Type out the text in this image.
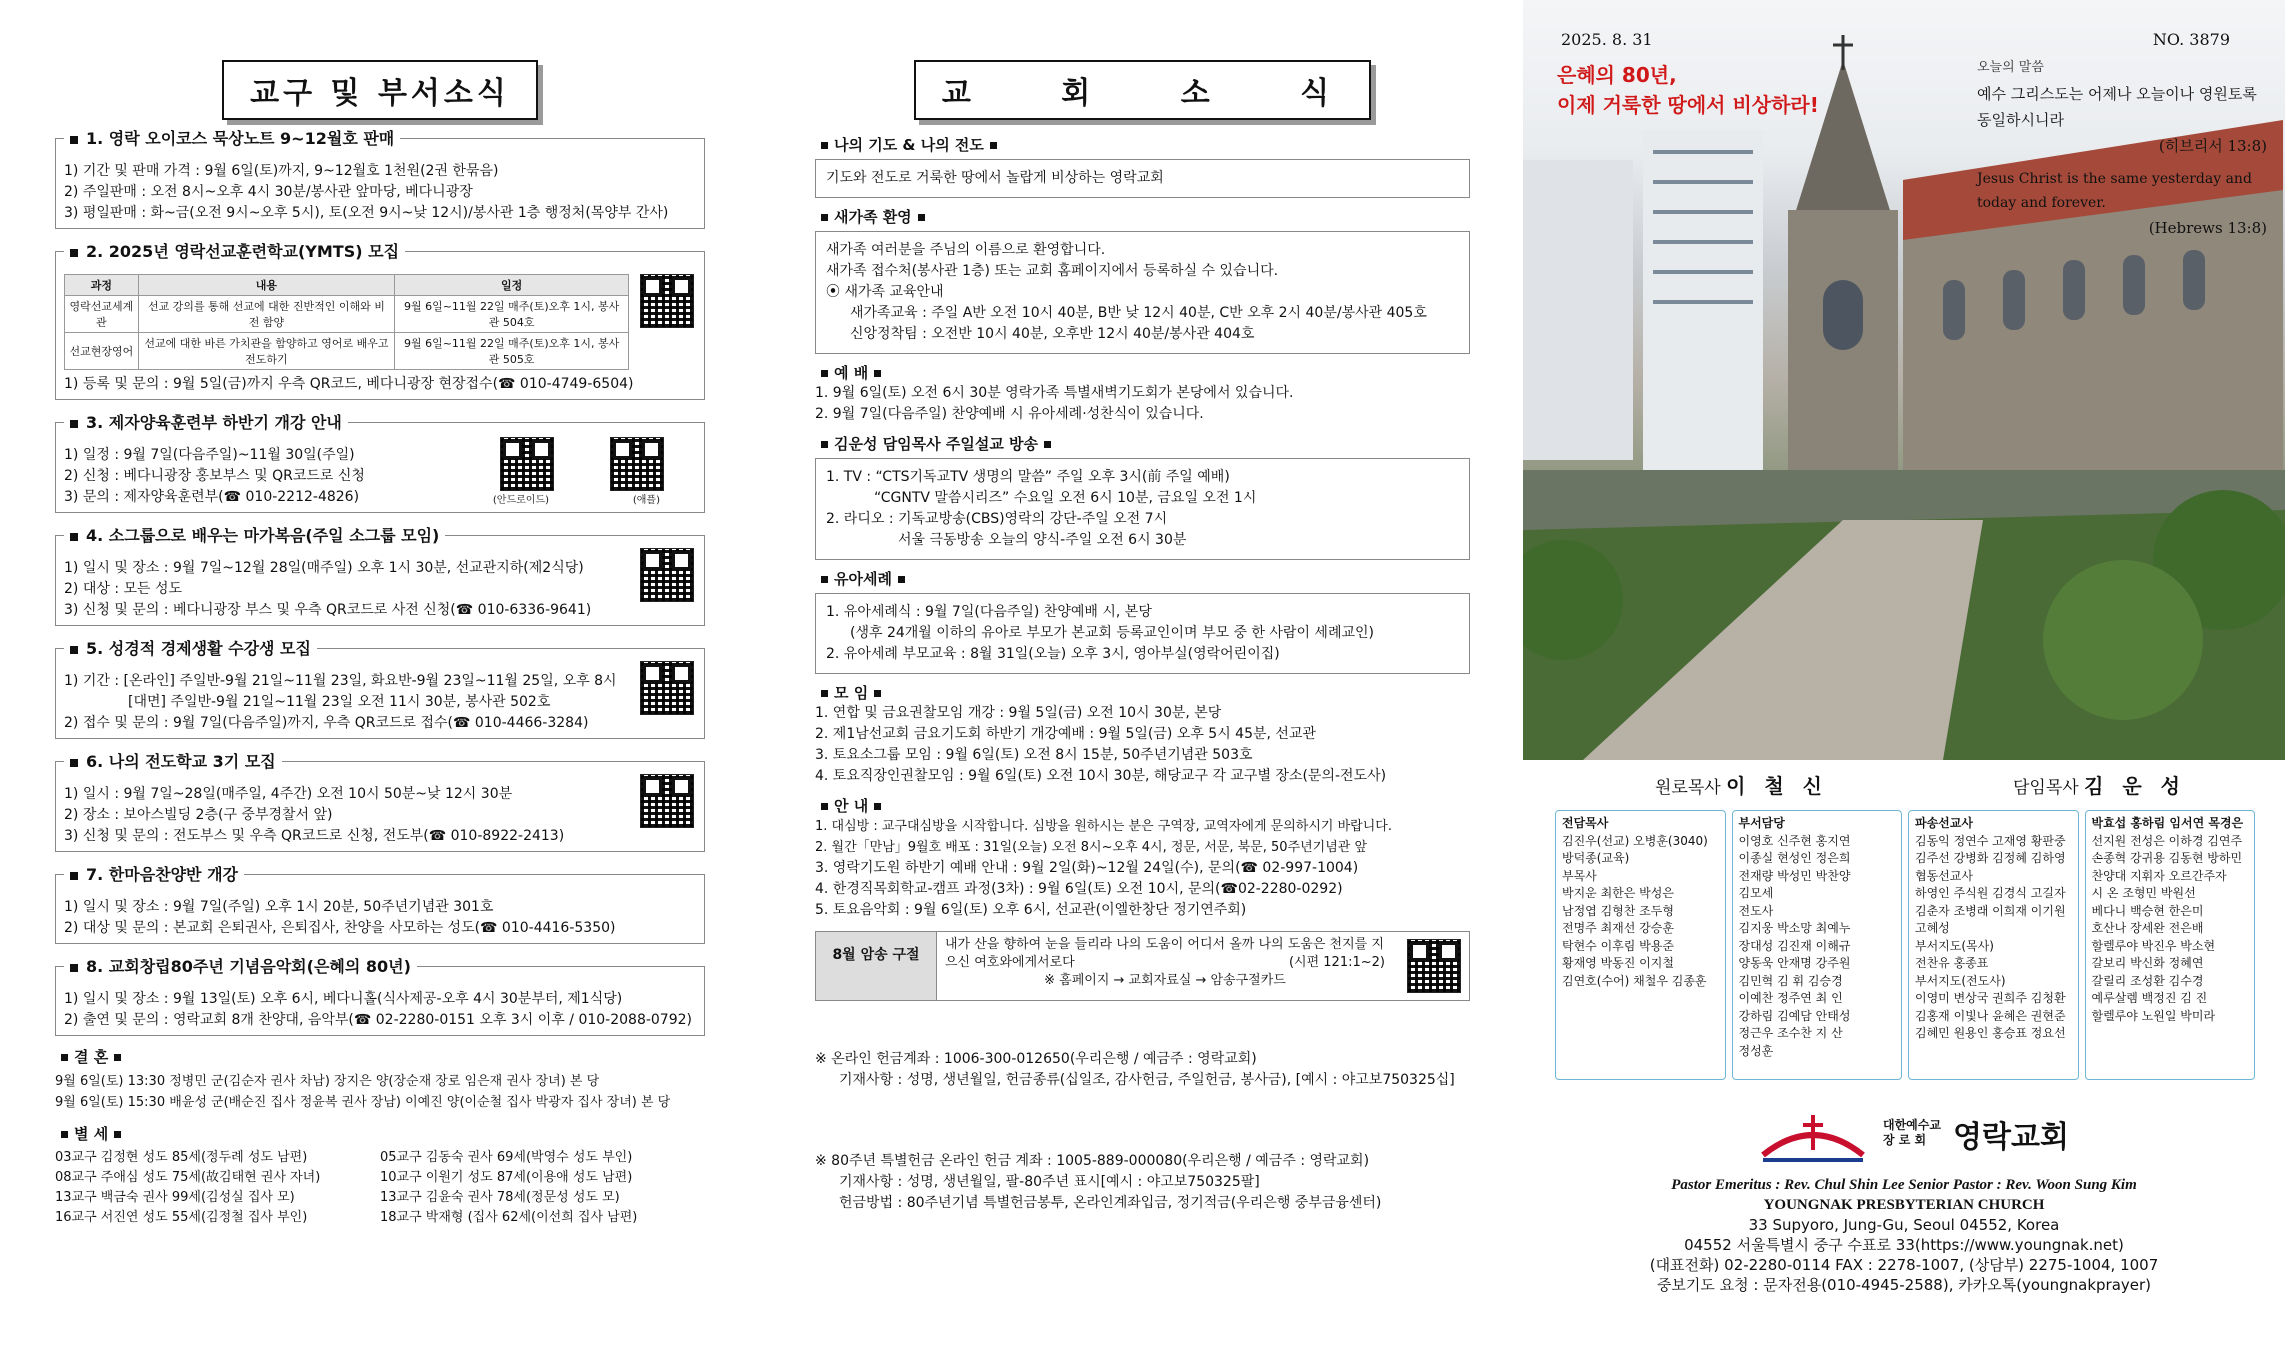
교구 및 부서소식
1. 영락 오이코스 묵상노트 9~12월호 판매
1) 기간 및 판매 가격 : 9월 6일(토)까지, 9~12월호 1천원(2권 한묶음)
2) 주일판매 : 오전 8시~오후 4시 30분/봉사관 앞마당, 베다니광장
3) 평일판매 : 화~금(오전 9시~오후 5시), 토(오전 9시~낮 12시)/봉사관 1층 행정처(목양부 간사)
2. 2025년 영락선교훈련학교(YMTS) 모집
과정	내용	일정
영락선교세계관	선교 강의를 통해 선교에 대한 진반적인 이해와 비전 함양	9월 6일~11월 22일 매주(토)오후 1시, 봉사관 504호
선교현장영어	선교에 대한 바른 가치관을 함양하고 영어로 배우고 전도하기	9월 6일~11월 22일 매주(토)오후 1시, 봉사관 505호
1) 등록 및 문의 : 9월 5일(금)까지 우측 QR코드, 베다니광장 현장접수(☎ 010-4749-6504)
3. 제자양육훈련부 하반기 개강 안내
1) 일정 : 9월 7일(다음주일)~11월 30일(주일)
2) 신청 : 베다니광장 홍보부스 및 QR코드로 신청
3) 문의 : 제자양육훈련부(☎ 010-2212-4826)	(안드로이드)	(애플)
4. 소그룹으로 배우는 마가복음(주일 소그룹 모임)
1) 일시 및 장소 : 9월 7일~12월 28일(매주일) 오후 1시 30분, 선교관지하(제2식당)
2) 대상 : 모든 성도
3) 신청 및 문의 : 베다니광장 부스 및 우측 QR코드로 사전 신청(☎ 010-6336-9641)
5. 성경적 경제생활 수강생 모집
1) 기간 : [온라인] 주일반-9월 21일~11월 23일, 화요반-9월 23일~11월 25일, 오후 8시
[대면] 주일반-9월 21일~11월 23일 오전 11시 30분, 봉사관 502호
2) 접수 및 문의 : 9월 7일(다음주일)까지, 우측 QR코드로 접수(☎ 010-4466-3284)
6. 나의 전도학교 3기 모집
1) 일시 : 9월 7일~28일(매주일, 4주간) 오전 10시 50분~낮 12시 30분
2) 장소 : 보아스빌딩 2층(구 중부경찰서 앞)
3) 신청 및 문의 : 전도부스 및 우측 QR코드로 신청, 전도부(☎ 010-8922-2413)
7. 한마음찬양반 개강
1) 일시 및 장소 : 9월 7일(주일) 오후 1시 20분, 50주년기념관 301호
2) 대상 및 문의 : 본교회 은퇴권사, 은퇴집사, 찬양을 사모하는 성도(☎ 010-4416-5350)
8. 교회창립80주년 기념음악회(은혜의 80년)
1) 일시 및 장소 : 9월 13일(토) 오후 6시, 베다니홀(식사제공-오후 4시 30분부터, 제1식당)
2) 출연 및 문의 : 영락교회 8개 찬양대, 음악부(☎ 02-2280-0151 오후 3시 이후 / 010-2088-0792)
결 혼
9월 6일(토) 13:30 정병민 군(김순자 권사 차남) 장지은 양(장순재 장로 임은재 권사 장녀) 본 당
9월 6일(토) 15:30 배윤성 군(배순진 집사 정윤복 권사 장남) 이예진 양(이순철 집사 박광자 집사 장녀) 본 당
별 세
03교구 김정현 성도 85세(정두례 성도 남편)
08교구 주애심 성도 75세(故김태현 권사 자녀)
13교구 백금숙 권사 99세(김성실 집사 모)
16교구 서진연 성도 55세(김정철 집사 부인)
05교구 김동숙 권사 69세(박영수 성도 부인)
10교구 이원기 성도 87세(이용애 성도 남편)
13교구 김윤숙 권사 78세(정문성 성도 모)
18교구 박재형 (집사 62세(이선희 집사 남편)
교 회 소 식
나의 기도 & 나의 전도
기도와 전도로 거룩한 땅에서 놀랍게 비상하는 영락교회
새가족 환영
새가족 여러분을 주님의 이름으로 환영합니다.
새가족 접수처(봉사관 1층) 또는 교회 홈페이지에서 등록하실 수 있습니다.
⦿ 새가족 교육안내
새가족교육 : 주일 A반 오전 10시 40분, B반 낮 12시 40분, C반 오후 2시 40분/봉사관 405호
신앙정착팀 : 오전반 10시 40분, 오후반 12시 40분/봉사관 404호
예 배
1. 9월 6일(토) 오전 6시 30분 영락가족 특별새벽기도회가 본당에서 있습니다.
2. 9월 7일(다음주일) 찬양예배 시 유아세례·성찬식이 있습니다.
김운성 담임목사 주일설교 방송
1. TV : “CTS기독교TV 생명의 말씀” 주일 오후 3시(前 주일 예배)
“CGNTV 말씀시리즈” 수요일 오전 6시 10분, 금요일 오전 1시
2. 라디오 : 기독교방송(CBS)영락의 강단-주일 오전 7시
서울 극동방송 오늘의 양식-주일 오전 6시 30분
유아세례
1. 유아세례식 : 9월 7일(다음주일) 찬양예배 시, 본당
(생후 24개월 이하의 유아로 부모가 본교회 등록교인이며 부모 중 한 사람이 세례교인)
2. 유아세례 부모교육 : 8월 31일(오늘) 오후 3시, 영아부실(영락어린이집)
모 임
1. 연합 및 금요권찰모임 개강 : 9월 5일(금) 오전 10시 30분, 본당
2. 제1남선교회 금요기도회 하반기 개강예배 : 9월 5일(금) 오후 5시 45분, 선교관
3. 토요소그룹 모임 : 9월 6일(토) 오전 8시 15분, 50주년기념관 503호
4. 토요직장인권찰모임 : 9월 6일(토) 오전 10시 30분, 해당교구 각 교구별 장소(문의-전도사)
안 내
1. 대심방 : 교구대심방을 시작합니다. 심방을 원하시는 분은 구역장, 교역자에게 문의하시기 바랍니다.
2. 월간「만남」9월호 배포 : 31일(오늘) 오전 8시~오후 4시, 정문, 서문, 북문, 50주년기념관 앞
3. 영락기도원 하반기 예배 안내 : 9월 2일(화)~12월 24일(수), 문의(☎ 02-997-1004)
4. 한경직목회학교-캠프 과정(3차) : 9월 6일(토) 오전 10시, 문의(☎02-2280-0292)
5. 토요음악회 : 9월 6일(토) 오후 6시, 선교관(이엘한창단 정기연주회)
8월 암송 구절
내가 산을 향하여 눈을 들리라 나의 도움이 어디서 올까 나의 도움은 천지를 지으신 여호와에게서로다	(시편 121:1~2)
※ 홈페이지 → 교회자료실 → 암송구절카드
※ 온라인 헌금계좌 : 1006-300-012650(우리은행 / 예금주 : 영락교회)
기재사항 : 성명, 생년월일, 헌금종류(십일조, 감사헌금, 주일헌금, 봉사금), [예시 : 야고보750325십]
※ 80주년 특별헌금 온라인 헌금 계좌 : 1005-889-000080(우리은행 / 예금주 : 영락교회)
기재사항 : 성명, 생년월일, 팔-80주년 표시[예시 : 야고보750325팔]
헌금방법 : 80주년기념 특별헌금봉투, 온라인계좌입금, 정기적금(우리은행 중부금융센터)
2025. 8. 31	NO. 3879
은혜의 80년,
이제 거룩한 땅에서 비상하라!
오늘의 말씀
예수 그리스도는 어제나 오늘이나 영원토록 동일하시니라
(히브리서 13:8)
Jesus Christ is the same yesterday and today and forever.
(Hebrews 13:8)
원로목사 이 철 신	담임목사 김 운 성
전담목사
김진우(선교) 오병훈(3040)
방덕종(교육)
부목사
박지운 최한은 박성은
남정엽 김형찬 조두형
전명주 최재선 강승훈
탁현수 이후림 박용준
황재영 박동진 이지철
김연호(수어) 채철우 김종훈
부서담당
이영호 신주현 홍지연
이종실 현성인 정은희
전재량 박성민 박찬양
김모세
전도사
김지웅 박소망 최예누
장대성 김진재 이해규
양동욱 안재명 강주원
김민혁 김 휘 김승경
이예찬 정주연 최 인
강하림 김예담 안태성
정근우 조수찬 지 산
정성훈
파송선교사
김동익 정연수 고재영 황판중
김주선 강병화 김정혜 김하영
협동선교사
하영인 주식원 김경식 고길자
김춘자 조병래 이희재 이기원
고혜성
부서지도(목사)
전찬유 홍종표
부서지도(전도사)
이영미 변상국 권희주 김청환
김홍재 이빛나 윤혜은 권현준
김혜민 원용인 홍승표 정요선
박효섭 홍하림 임서연 목경은
선지원 전성은 이하경 김연주
손종혁 강귀용 김동현 방하민
찬양대 지휘자 오르간주자
시 온 조형민 박원선
베다니 백승현 한은미
호산나 장세완 전은배
할렐루야 박진우 박소현
갈보리 박신화 정혜연
갈릴리 조성환 김수경
예루살렘 백정진 김 진
할렐루야 노원일 박미라
대한예수교
장 로 회 영락교회
Pastor Emeritus : Rev. Chul Shin Lee Senior Pastor : Rev. Woon Sung Kim
YOUNGNAK PRESBYTERIAN CHURCH
33 Supyoro, Jung-Gu, Seoul 04552, Korea
04552 서울특별시 중구 수표로 33(https://www.youngnak.net)
(대표전화) 02-2280-0114 FAX : 2278-1007, (상담부) 2275-1004, 1007
중보기도 요청 : 문자전용(010-4945-2588), 카카오톡(youngnakprayer)
